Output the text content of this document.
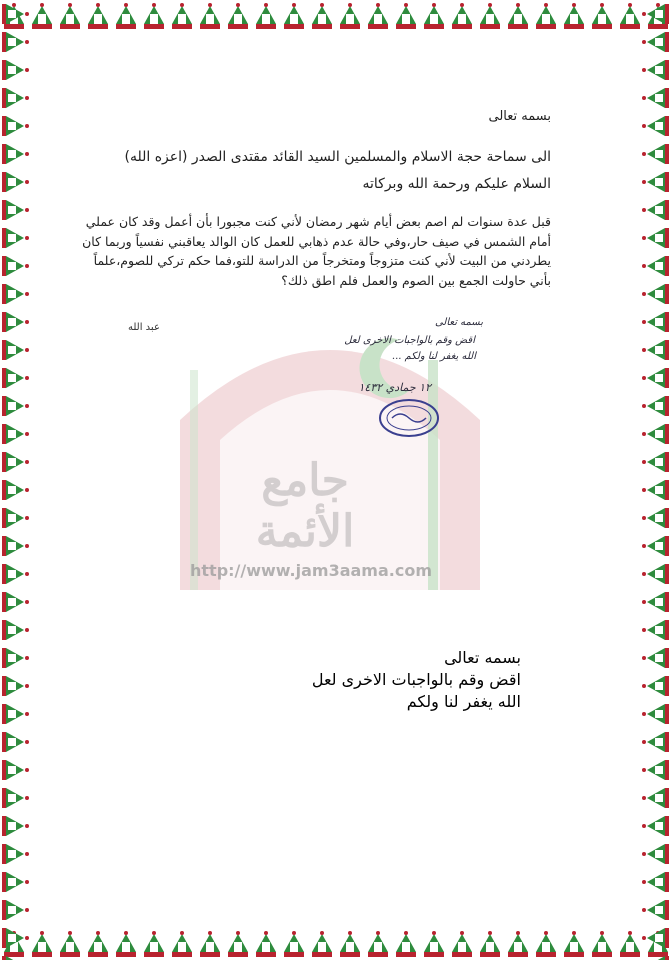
جامع الأئمة
http://www.jam3aama.com
بسمه تعالى
الى سماحة حجة الاسلام والمسلمين السيد القائد مقتدى الصدر (اعزه الله)
السلام عليكم ورحمة الله وبركاته
قبل عدة سنوات لم اصم بعض أيام شهر رمضان لأني كنت مجبورا بأن أعمل وقد كان عملي أمام الشمس في صيف حار،وفي حالة عدم ذهابي للعمل كان الوالد يعاقبني نفسياً وربما كان يطردني من البيت لأني كنت متزوجاً ومتخرجاً من الدراسة للتو،فما حكم تركي للصوم،علماً بأني حاولت الجمع بين الصوم والعمل فلم اطق ذلك؟
عبد الله	بسمه تعالى
اقض وقم بالواجبات الاخرى لعل
الله يغفر لنا ولكم ...
١٢ جمادي ١٤٣٢
بسمه تعالى
اقض وقم بالواجبات الاخرى لعل
الله يغفر لنا ولكم
